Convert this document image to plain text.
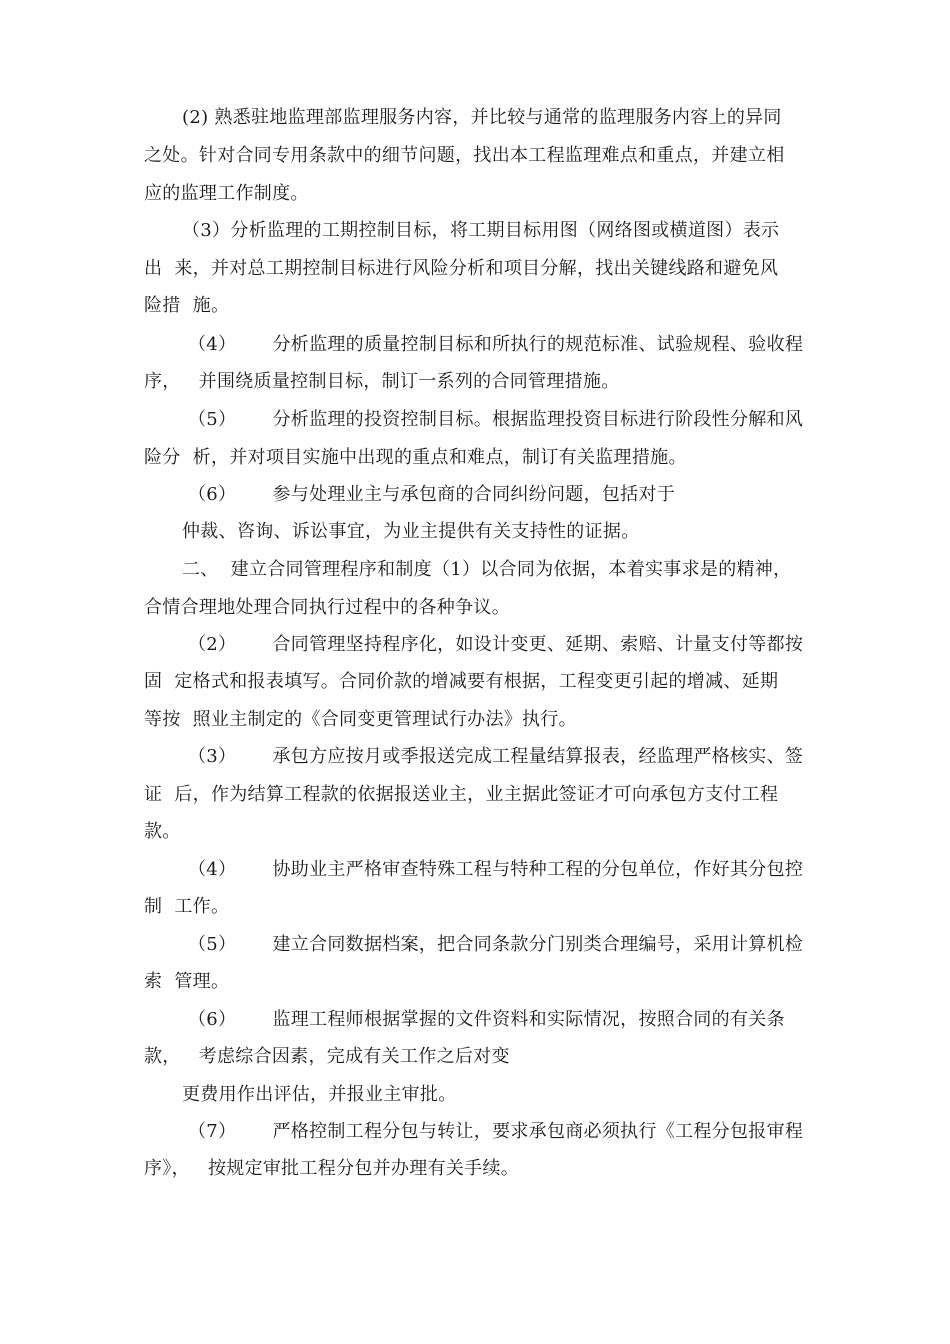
(2) 熟悉驻地监理部监理服务内容，并比较与通常的监理服务内容上的异同
之处。针对合同专用条款中的细节问题，找出本工程监理难点和重点，并建立相
应的监理工作制度。
（3）分析监理的工期控制目标，将工期目标用图（网络图或横道图）表示
出  来，并对总工期控制目标进行风险分析和项目分解，找出关键线路和避免风
险措  施。
（4）      分析监理的质量控制目标和所执行的规范标准、试验规程、验收程
序，   并围绕质量控制目标，制订一系列的合同管理措施。
（5）      分析监理的投资控制目标。根据监理投资目标进行阶段性分解和风
险分  析，并对项目实施中出现的重点和难点，制订有关监理措施。
（6）      参与处理业主与承包商的合同纠纷问题，包括对于
仲裁、咨询、诉讼事宜，为业主提供有关支持性的证据。
二、  建立合同管理程序和制度（1）以合同为依据，本着实事求是的精神，
合情合理地处理合同执行过程中的各种争议。
（2）      合同管理坚持程序化，如设计变更、延期、索赔、计量支付等都按
固  定格式和报表填写。合同价款的增减要有根据，工程变更引起的增减、延期
等按  照业主制定的《合同变更管理试行办法》执行。
（3）      承包方应按月或季报送完成工程量结算报表，经监理严格核实、签
证  后，作为结算工程款的依据报送业主，业主据此签证才可向承包方支付工程
款。
（4）      协助业主严格审查特殊工程与特种工程的分包单位，作好其分包控
制  工作。
（5）      建立合同数据档案，把合同条款分门别类合理编号，采用计算机检
索  管理。
（6）      监理工程师根据掌握的文件资料和实际情况，按照合同的有关条
款，   考虑综合因素，完成有关工作之后对变
更费用作出评估，并报业主审批。
（7）      严格控制工程分包与转让，要求承包商必须执行《工程分包报审程
序》，   按规定审批工程分包并办理有关手续。
